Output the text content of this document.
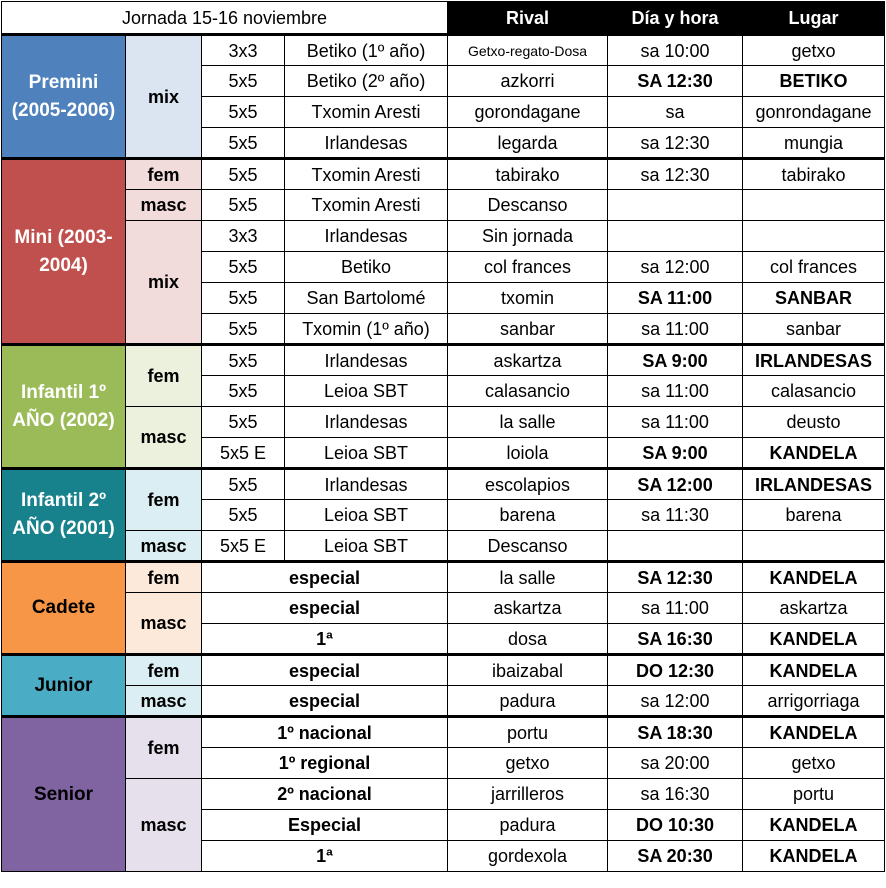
Jornada 15-16 noviembre				Rival	Día y hora	Lugar
Premini (2005-2006)	mix	3x3	Betiko (1º año)	Getxo-regato-Dosa	sa 10:00	getxo
		5x5	Betiko (2º año)	azkorri	SA 12:30	BETIKO
		5x5	Txomin Aresti	gorondagane	sa	gonrondagane
		5x5	Irlandesas	legarda	sa 12:30	mungia
Mini (2003-2004)	fem	5x5	Txomin Aresti	tabirako	sa 12:30	tabirako
	masc	5x5	Txomin Aresti	Descanso		
	mix	3x3	Irlandesas	Sin jornada		
		5x5	Betiko	col frances	sa 12:00	col frances
		5x5	San Bartolomé	txomin	SA 11:00	SANBAR
		5x5	Txomin (1º año)	sanbar	sa 11:00	sanbar
Infantil 1º AÑO (2002)	fem	5x5	Irlandesas	askartza	SA 9:00	IRLANDESAS
		5x5	Leioa SBT	calasancio	sa 11:00	calasancio
	masc	5x5	Irlandesas	la salle	sa 11:00	deusto
		5x5 E	Leioa SBT	loiola	SA 9:00	KANDELA
Infantil 2º AÑO (2001)	fem	5x5	Irlandesas	escolapios	SA 12:00	IRLANDESAS
		5x5	Leioa SBT	barena	sa 11:30	barena
	masc	5x5 E	Leioa SBT	Descanso		
Cadete	fem	especial		la salle	SA 12:30	KANDELA
	masc	especial		askartza	sa 11:00	askartza
		1ª		dosa	SA 16:30	KANDELA
Junior	fem	especial		ibaizabal	DO 12:30	KANDELA
	masc	especial		padura	sa 12:00	arrigorriaga
Senior	fem	1º nacional		portu	SA 18:30	KANDELA
		1º regional		getxo	sa 20:00	getxo
	masc	2º nacional		jarrilleros	sa 16:30	portu
		Especial		padura	DO 10:30	KANDELA
		1ª		gordexola	SA 20:30	KANDELA
